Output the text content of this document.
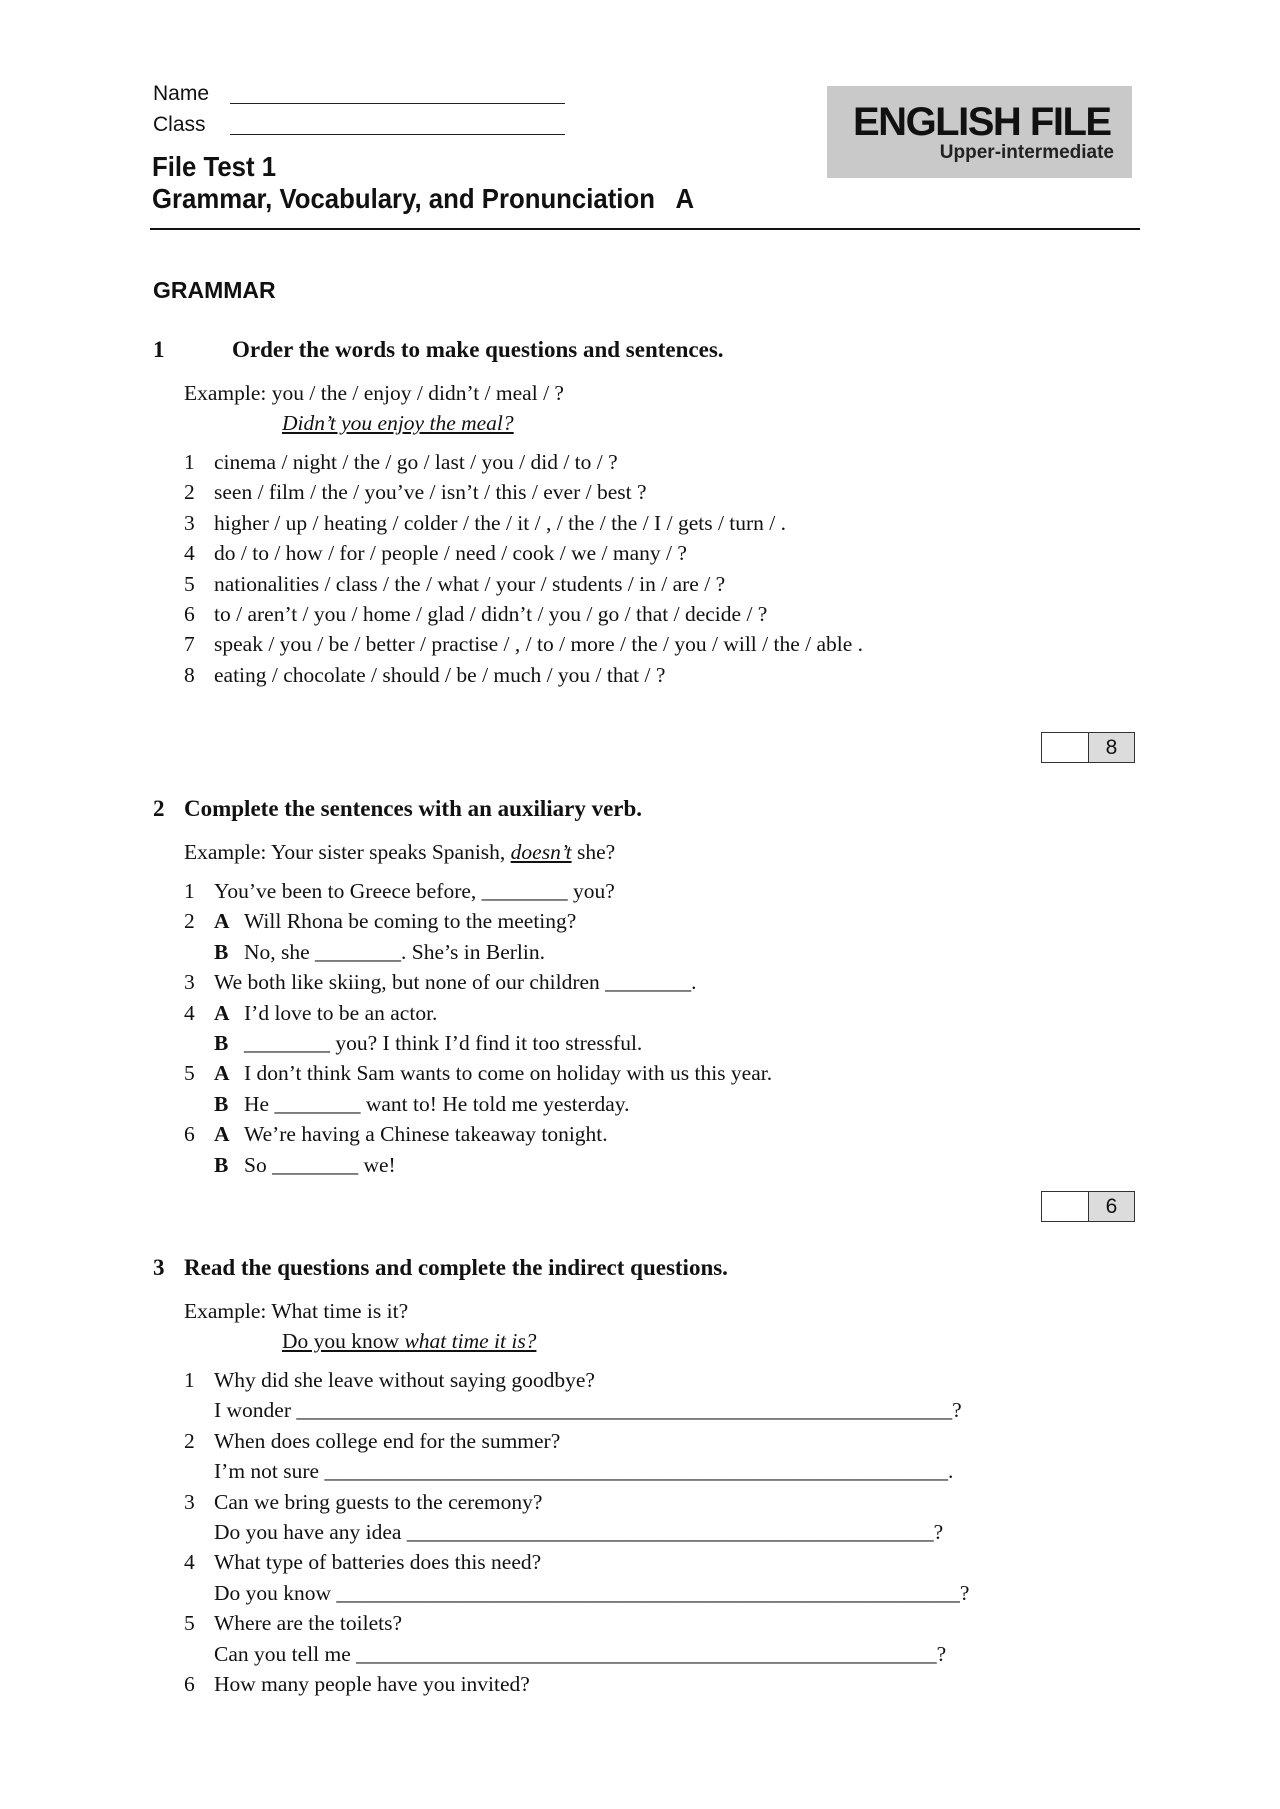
Name
Class
File Test 1
Grammar, Vocabulary, and Pronunciation   A
ENGLISH FILE
Upper-intermediate
GRAMMAR
1	Order the words to make questions and sentences.
Example: you / the / enjoy / didn’t / meal / ?
Didn’t you enjoy the meal?
1 cinema / night / the / go / last / you / did / to / ?
2 seen / film / the / you’ve / isn’t / this / ever / best ?
3 higher / up / heating / colder / the / it / , / the / the / I / gets / turn / .
4 do / to / how / for / people / need / cook / we / many / ?
5 nationalities / class / the / what / your / students / in / are / ?
6 to / aren’t / you / home / glad / didn’t / you / go / that / decide / ?
7 speak / you / be / better / practise / , / to / more / the / you / will / the / able .
8 eating / chocolate / should / be / much / you / that / ?
8
2 Complete the sentences with an auxiliary verb.
Example: Your sister speaks Spanish, doesn’t she?
1 You’ve been to Greece before, ________ you?
2 A Will Rhona be coming to the meeting?
B No, she ________. She’s in Berlin.
3 We both like skiing, but none of our children ________.
4 A I’d love to be an actor.
B ________ you? I think I’d find it too stressful.
5 A I don’t think Sam wants to come on holiday with us this year.
B He ________ want to! He told me yesterday.
6 A We’re having a Chinese takeaway tonight.
B So ________ we!
6
3 Read the questions and complete the indirect questions.
Example: What time is it?
Do you know what time it is?
1 Why did she leave without saying goodbye?
I wonder _____________________________________________________________?
2 When does college end for the summer?
I’m not sure __________________________________________________________.
3 Can we bring guests to the ceremony?
Do you have any idea _________________________________________________?
4 What type of batteries does this need?
Do you know __________________________________________________________?
5 Where are the toilets?
Can you tell me ______________________________________________________?
6 How many people have you invited?
